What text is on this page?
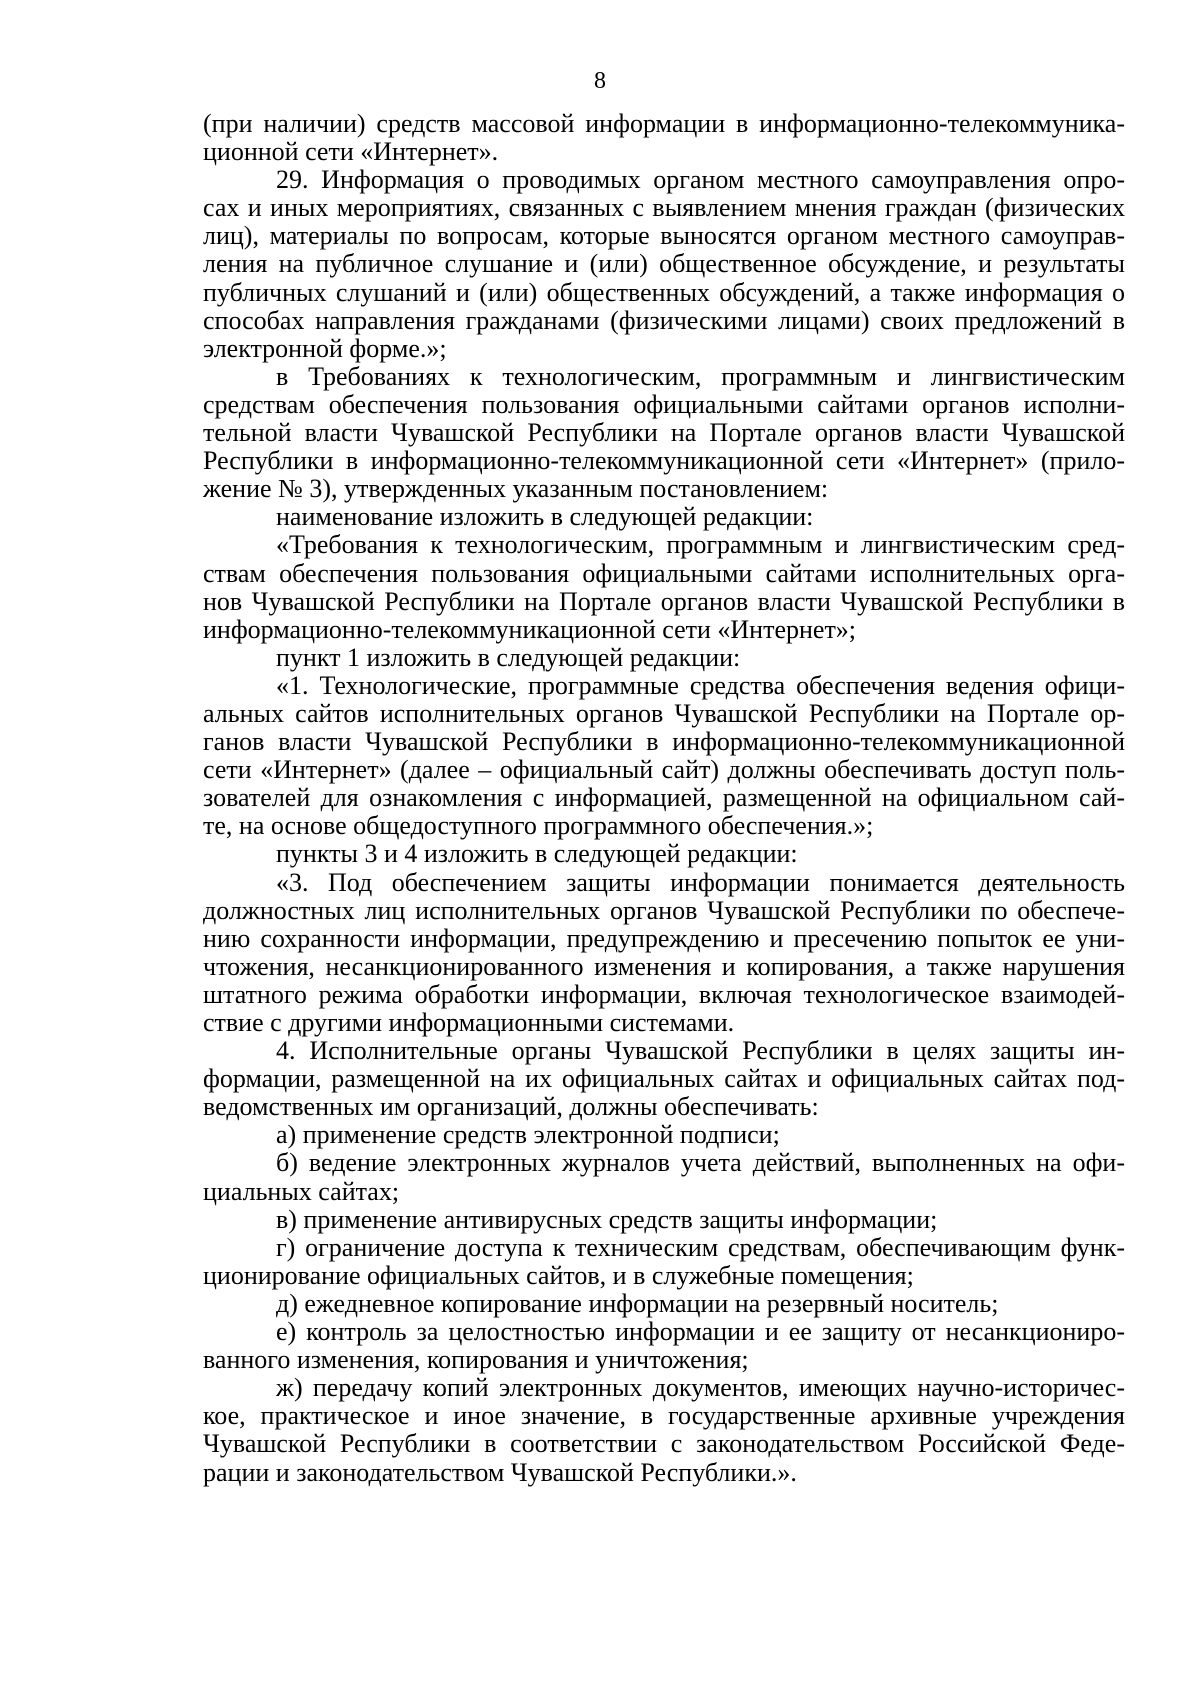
8
(при наличии) средств массовой информации в информационно-телекоммуника-
ционной сети «Интернет».
29. Информация о проводимых органом местного самоуправления опро-
сах и иных мероприятиях, связанных с выявлением мнения граждан (физических
лиц), материалы по вопросам, которые выносятся органом местного самоуправ-
ления на публичное слушание и (или) общественное обсуждение, и результаты
публичных слушаний и (или) общественных обсуждений, а также информация о
способах направления гражданами (физическими лицами) своих предложений в
электронной форме.»;
в Требованиях к технологическим, программным и лингвистическим
средствам обеспечения пользования официальными сайтами органов исполни-
тельной власти Чувашской Республики на Портале органов власти Чувашской
Республики в информационно-телекоммуникационной сети «Интернет» (прило-
жение № 3), утвержденных указанным постановлением:
наименование изложить в следующей редакции:
«Требования к технологическим, программным и лингвистическим сред-
ствам обеспечения пользования официальными сайтами исполнительных орга-
нов Чувашской Республики на Портале органов власти Чувашской Республики в
информационно-телекоммуникационной сети «Интернет»;
пункт 1 изложить в следующей редакции:
«1. Технологические, программные средства обеспечения ведения офици-
альных сайтов исполнительных органов Чувашской Республики на Портале ор-
ганов власти Чувашской Республики в информационно-телекоммуникационной
сети «Интернет» (далее – официальный сайт) должны обеспечивать доступ поль-
зователей для ознакомления с информацией, размещенной на официальном сай-
те, на основе общедоступного программного обеспечения.»;
пункты 3 и 4 изложить в следующей редакции:
«3. Под обеспечением защиты информации понимается деятельность
должностных лиц исполнительных органов Чувашской Республики по обеспече-
нию сохранности информации, предупреждению и пресечению попыток ее уни-
чтожения, несанкционированного изменения и копирования, а также нарушения
штатного режима обработки информации, включая технологическое взаимодей-
ствие с другими информационными системами.
4. Исполнительные органы Чувашской Республики в целях защиты ин-
формации, размещенной на их официальных сайтах и официальных сайтах под-
ведомственных им организаций, должны обеспечивать:
а) применение средств электронной подписи;
б) ведение электронных журналов учета действий, выполненных на офи-
циальных сайтах;
в) применение антивирусных средств защиты информации;
г) ограничение доступа к техническим средствам, обеспечивающим функ-
ционирование официальных сайтов, и в служебные помещения;
д) ежедневное копирование информации на резервный носитель;
е) контроль за целостностью информации и ее защиту от несанкциониро-
ванного изменения, копирования и уничтожения;
ж) передачу копий электронных документов, имеющих научно-историчес-
кое, практическое и иное значение, в государственные архивные учреждения
Чувашской Республики в соответствии с законодательством Российской Феде-
рации и законодательством Чувашской Республики.».
